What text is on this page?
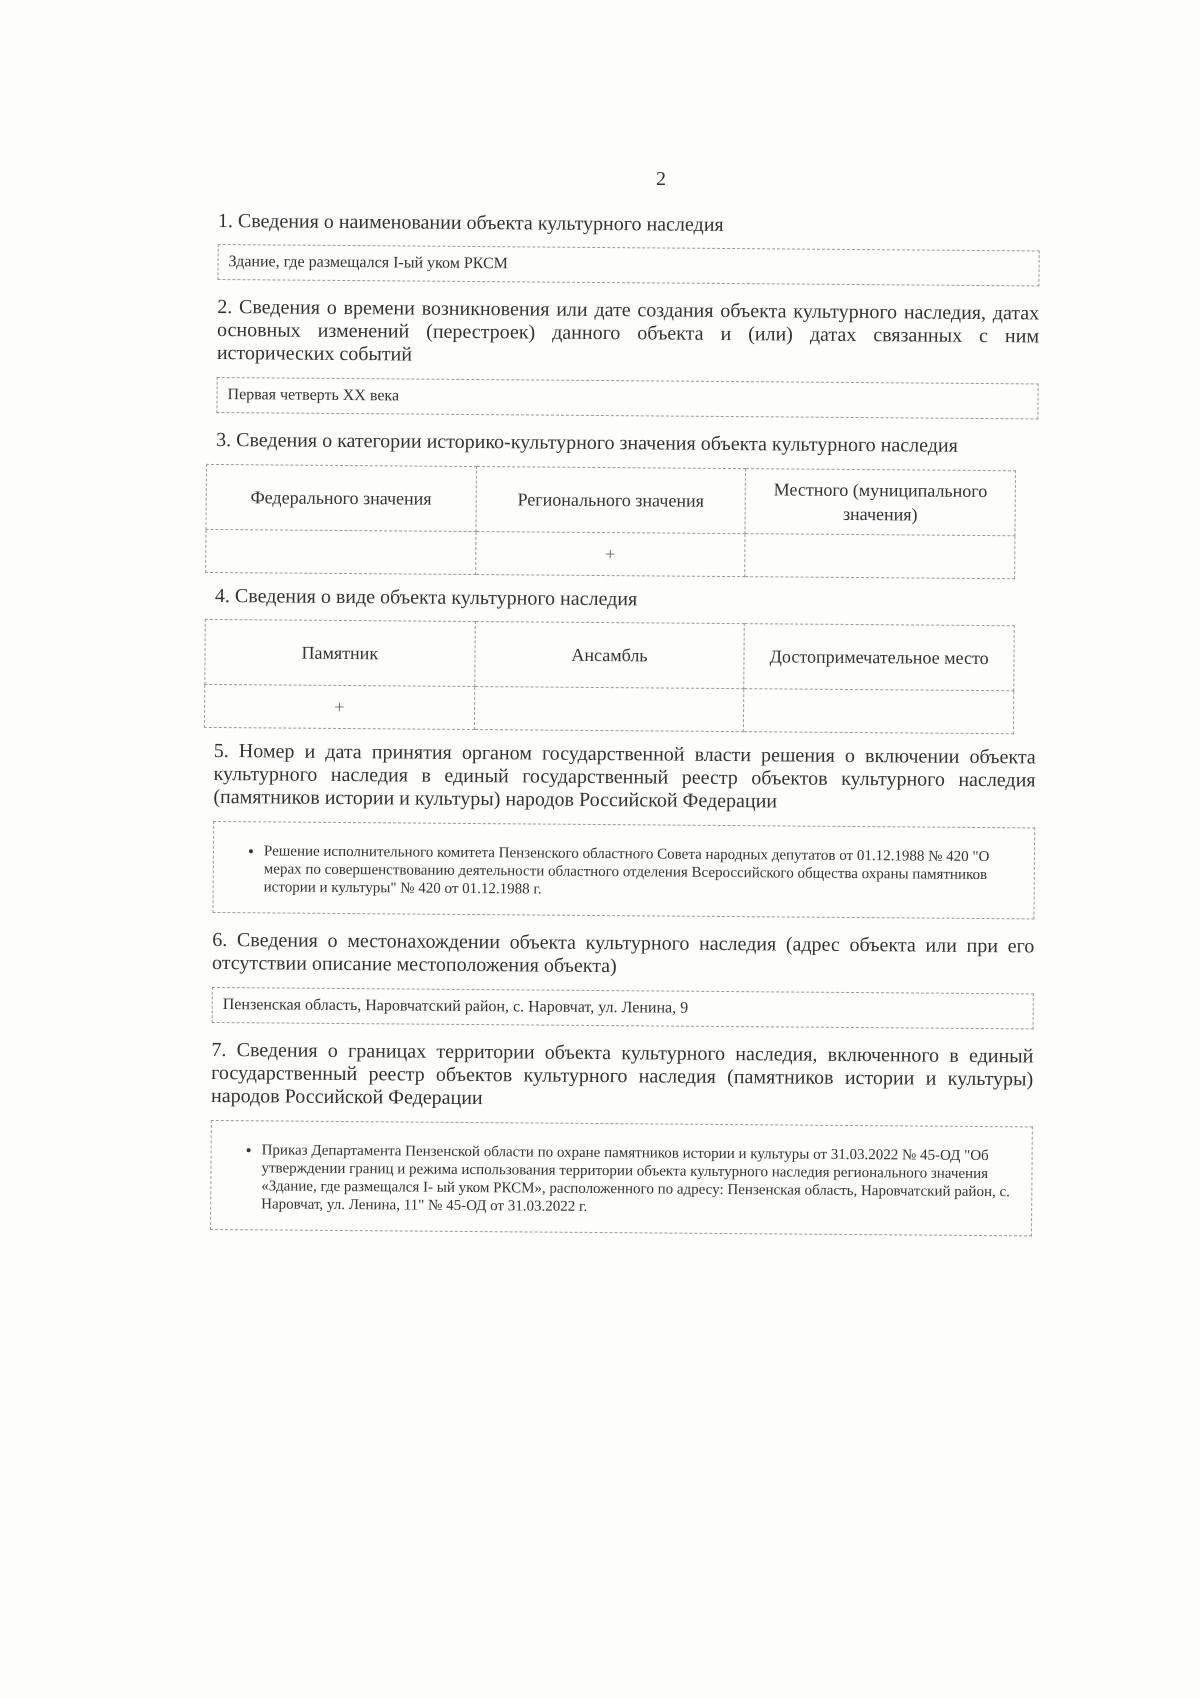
2
1. Сведения о наименовании объекта культурного наследия
Здание, где размещался I-ый уком РКСМ
2. Сведения о времени возникновения или дате создания объекта культурного наследия, датах основных изменений (перестроек) данного объекта и (или) датах связанных с ним исторических событий
Первая четверть XX века
3. Сведения о категории историко-культурного значения объекта культурного наследия
Федерального значения	Регионального значения	Местного (муниципального значения)
	+	
4. Сведения о виде объекта культурного наследия
Памятник	Ансамбль	Достопримечательное место
+		
5. Номер и дата принятия органом государственной власти решения о включении объекта культурного наследия в единый государственный реестр объектов культурного наследия (памятников истории и культуры) народов Российской Федерации
• Решение исполнительного комитета Пензенского областного Совета народных депутатов от 01.12.1988 № 420 "О мерах по совершенствованию деятельности областного отделения Всероссийского общества охраны памятников истории и культуры" № 420 от 01.12.1988 г.
6. Сведения о местонахождении объекта культурного наследия (адрес объекта или при его отсутствии описание местоположения объекта)
Пензенская область, Наровчатский район, с. Наровчат, ул. Ленина, 9
7. Сведения о границах территории объекта культурного наследия, включенного в единый государственный реестр объектов культурного наследия (памятников истории и культуры) народов Российской Федерации
• Приказ Департамента Пензенской области по охране памятников истории и культуры от 31.03.2022 № 45-ОД "Об утверждении границ и режима использования территории объекта культурного наследия регионального значения «Здание, где размещался I- ый уком РКСМ», расположенного по адресу: Пензенская область, Наровчатский район, с. Наровчат, ул. Ленина, 11" № 45-ОД от 31.03.2022 г.
